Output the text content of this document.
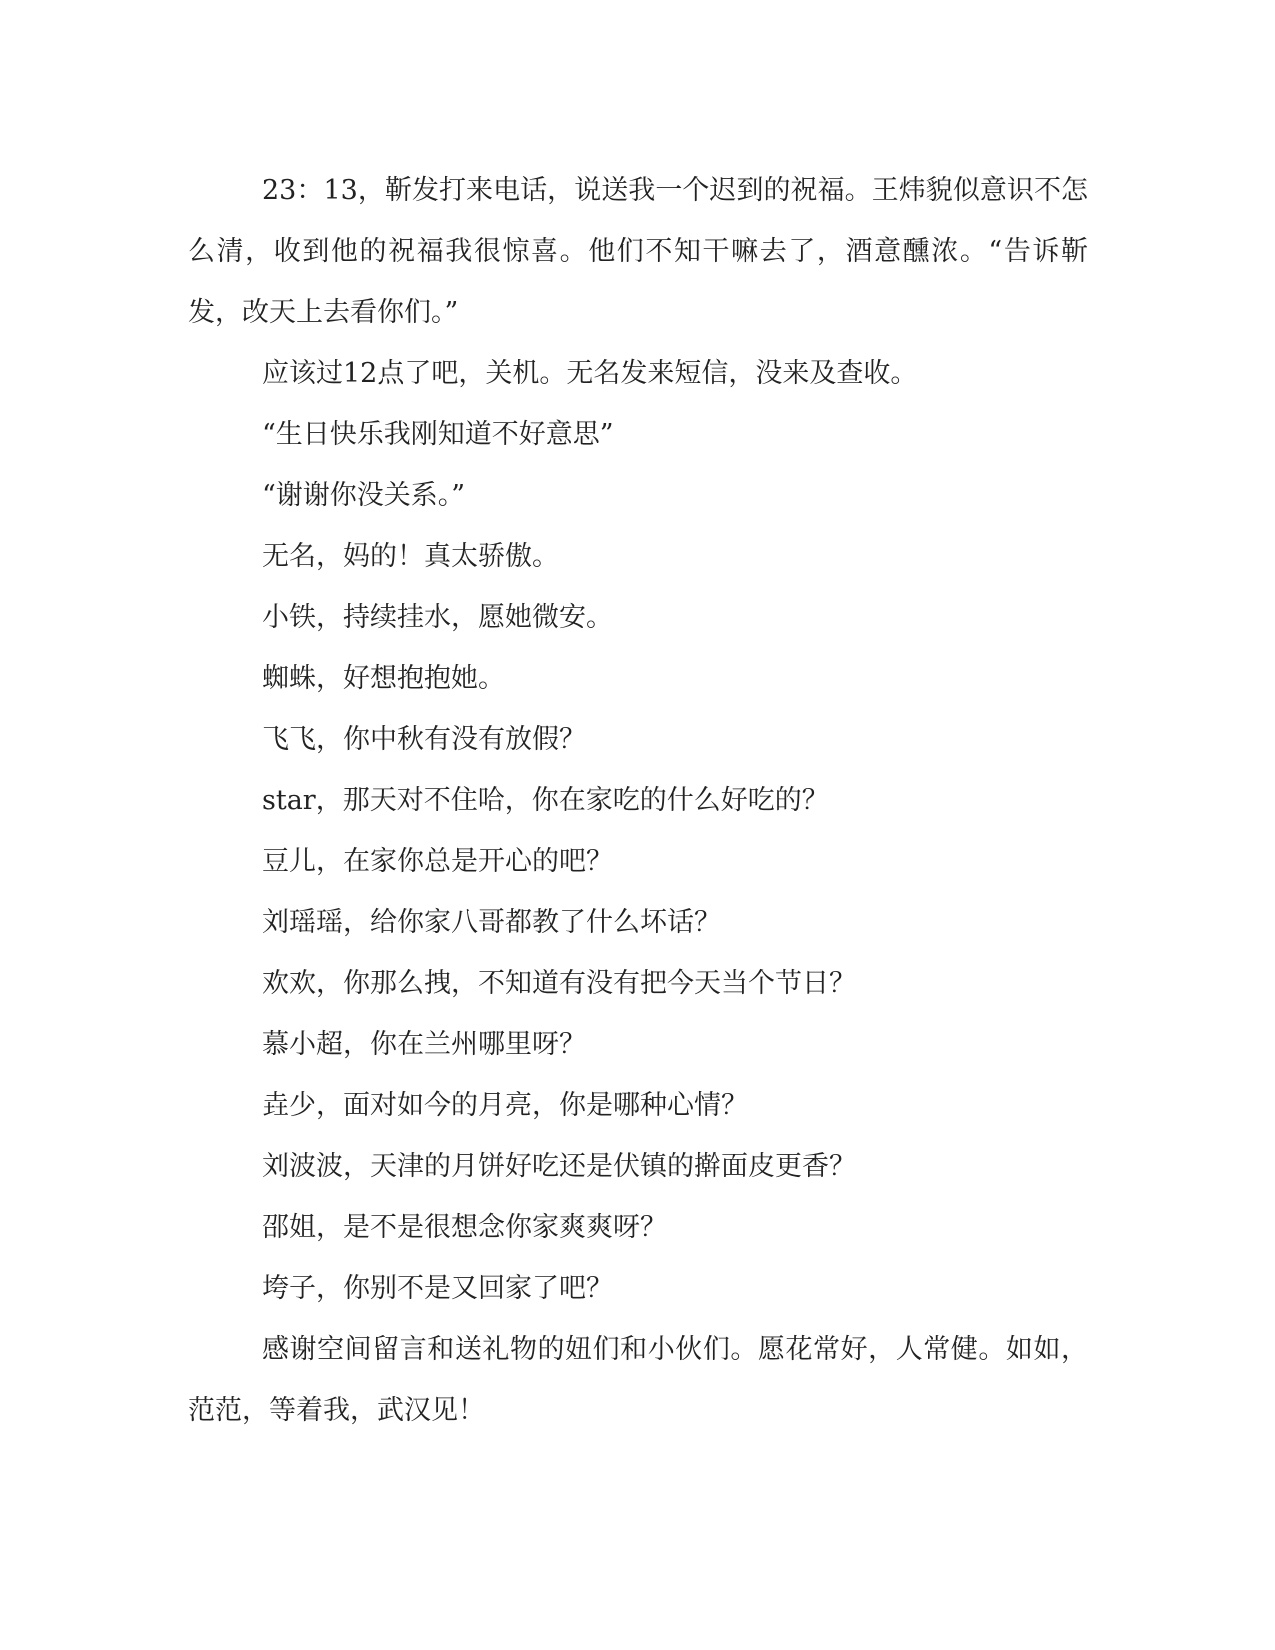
23：13，靳发打来电话，说送我一个迟到的祝福。王炜貌似意识不怎么清，收到他的祝福我很惊喜。他们不知干嘛去了，酒意醺浓。“告诉靳发，改天上去看你们。”

应该过12点了吧，关机。无名发来短信，没来及查收。

“生日快乐我刚知道不好意思”

“谢谢你没关系。”

无名，妈的！真太骄傲。

小铁，持续挂水，愿她微安。

蜘蛛，好想抱抱她。

飞飞，你中秋有没有放假？

star，那天对不住哈，你在家吃的什么好吃的？

豆儿，在家你总是开心的吧？

刘瑶瑶，给你家八哥都教了什么坏话？

欢欢，你那么拽，不知道有没有把今天当个节日？

慕小超，你在兰州哪里呀？

垚少，面对如今的月亮，你是哪种心情？

刘波波，天津的月饼好吃还是伏镇的擀面皮更香？

邵姐，是不是很想念你家爽爽呀？

垮子，你别不是又回家了吧？

感谢空间留言和送礼物的妞们和小伙们。愿花常好，人常健。如如，范范，等着我，武汉见！
